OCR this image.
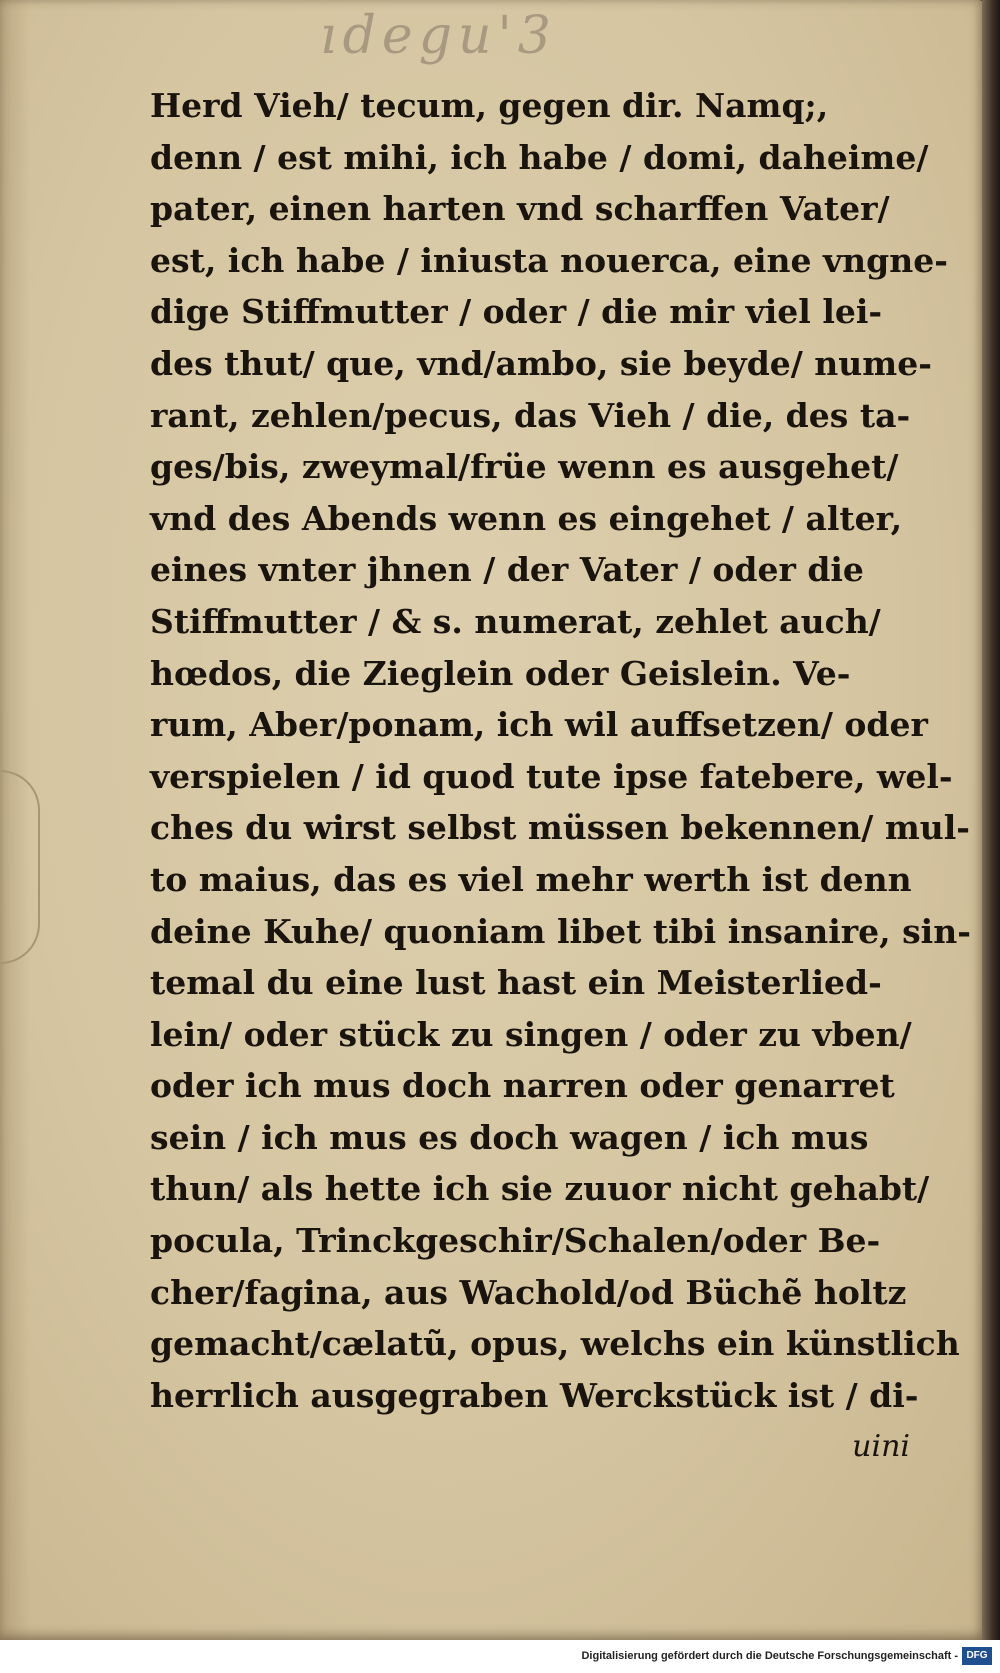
ıdegu'3
Herd Vieh/ tecum, gegen dir. Namq;,
denn / est mihi, ich habe / domi, daheime/
pater, einen harten vnd scharffen Vater/
est, ich habe / iniusta nouerca, eine vngne-
dige Stiffmutter / oder / die mir viel lei-
des thut/ que, vnd/ambo, sie beyde/ nume-
rant, zehlen/pecus, das Vieh / die, des ta-
ges/bis, zweymal/früe wenn es ausgehet/
vnd des Abends wenn es eingehet / alter,
eines vnter jhnen / der Vater / oder die
Stiffmutter / & s. numerat, zehlet auch/
hœdos, die Zieglein oder Geislein. Ve-
rum, Aber/ponam, ich wil auffsetzen/ oder
verspielen / id quod tute ipse fatebere, wel-
ches du wirst selbst müssen bekennen/ mul-
to maius, das es viel mehr werth ist denn
deine Kuhe/ quoniam libet tibi insanire, sin-
temal du eine lust hast ein Meisterlied-
lein/ oder stück zu singen / oder zu vben/
oder ich mus doch narren oder genarret
sein / ich mus es doch wagen / ich mus
thun/ als hette ich sie zuuor nicht gehabt/
pocula, Trinckgeschir/Schalen/oder Be-
cher/fagina, aus Wachold/od Büchẽ holtz
gemacht/cælatũ, opus, welchs ein künstlich
herrlich ausgegraben Werckstück ist / di-
uini
Digitalisierung gefördert durch die Deutsche Forschungsgemeinschaft - DFG
